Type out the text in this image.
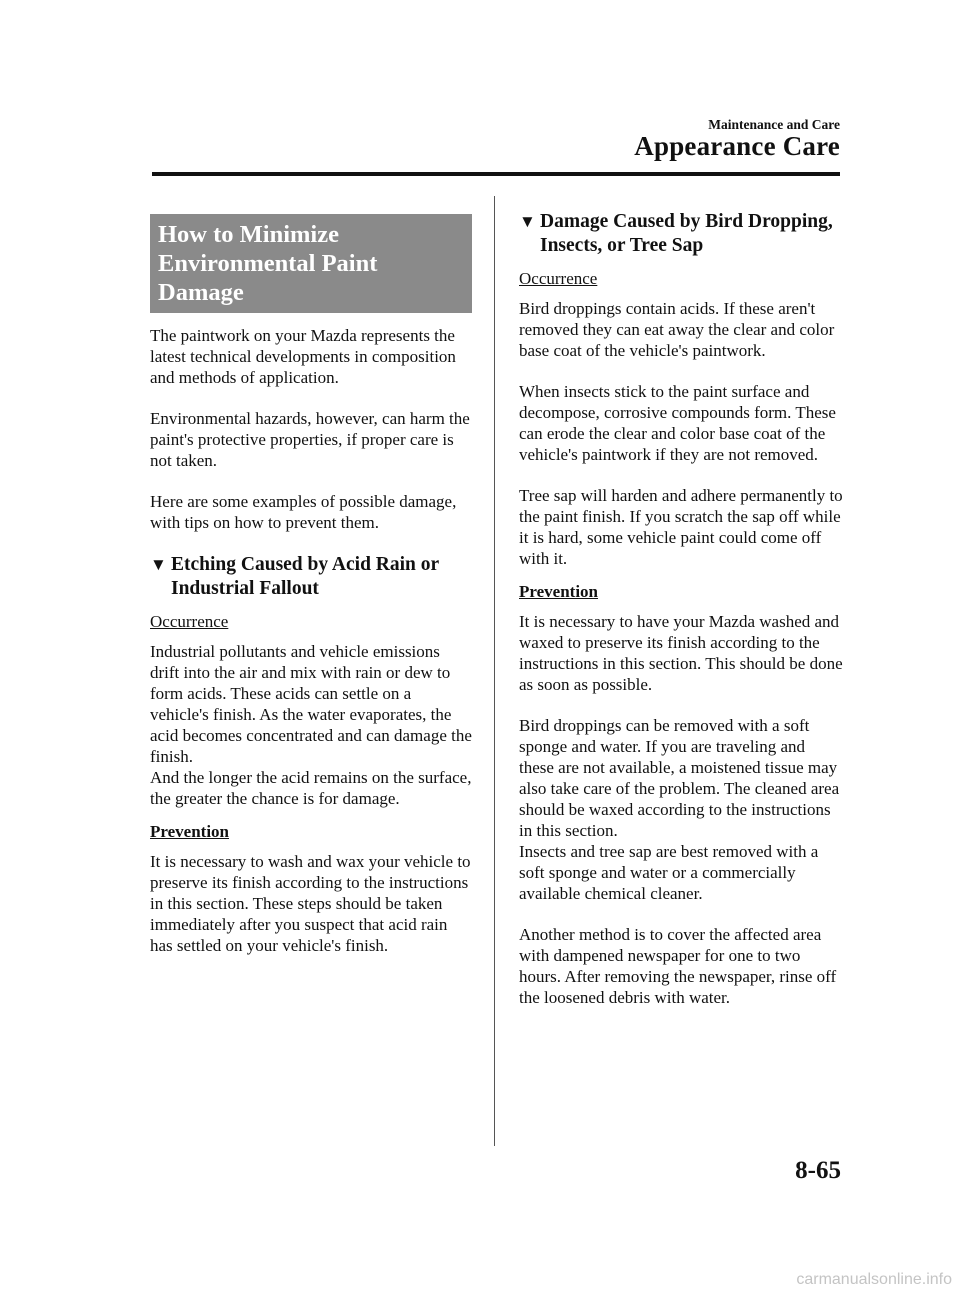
Maintenance and Care
Appearance Care
How to Minimize
Environmental Paint Damage

The paintwork on your Mazda represents the latest technical developments in composition and methods of application.

Environmental hazards, however, can harm the paint's protective properties, if proper care is not taken.

Here are some examples of possible damage, with tips on how to prevent them.

▼ Etching Caused by Acid Rain or Industrial Fallout
Occurrence

Industrial pollutants and vehicle emissions drift into the air and mix with rain or dew to form acids. These acids can settle on a vehicle's finish. As the water evaporates, the acid becomes concentrated and can damage the finish.

And the longer the acid remains on the surface, the greater the chance is for damage.

Prevention

It is necessary to wash and wax your vehicle to preserve its finish according to the instructions in this section. These steps should be taken immediately after you suspect that acid rain has settled on your vehicle's finish.

▼ Damage Caused by Bird Dropping, Insects, or Tree Sap
Occurrence

Bird droppings contain acids. If these aren't removed they can eat away the clear and color base coat of the vehicle's paintwork.

When insects stick to the paint surface and decompose, corrosive compounds form. These can erode the clear and color base coat of the vehicle's paintwork if they are not removed.

Tree sap will harden and adhere permanently to the paint finish. If you scratch the sap off while it is hard, some vehicle paint could come off with it.

Prevention

It is necessary to have your Mazda washed and waxed to preserve its finish according to the instructions in this section. This should be done as soon as possible.

Bird droppings can be removed with a soft sponge and water. If you are traveling and these are not available, a moistened tissue may also take care of the problem. The cleaned area should be waxed according to the instructions in this section.

Insects and tree sap are best removed with a soft sponge and water or a commercially available chemical cleaner.

Another method is to cover the affected area with dampened newspaper for one to two hours. After removing the newspaper, rinse off the loosened debris with water.

8-65
carmanualsonline.info
